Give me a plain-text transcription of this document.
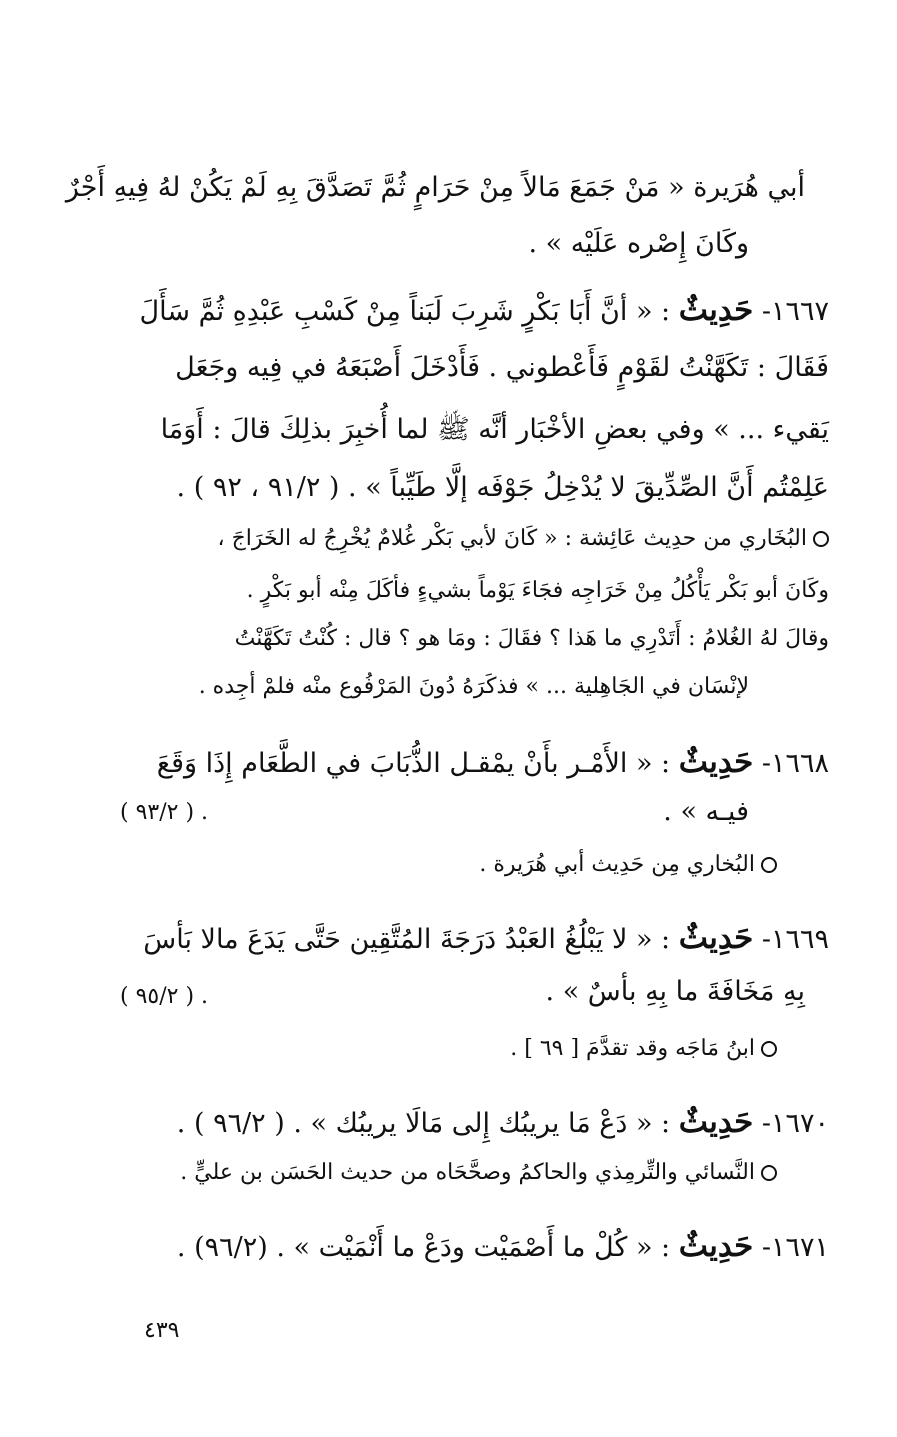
أبي هُرَيرة « مَنْ جَمَعَ مَالاً مِنْ حَرَامٍ ثُمَّ تَصَدَّقَ بِهِ لَمْ يَكُنْ لهُ فِيهِ أَجْرٌ
وكَانَ إِصْره عَلَيْه » .
١٦٦٧- حَدِيثٌ : « أنَّ أَبَا بَكْرٍ شَرِبَ لَبَناً مِنْ كَسْبِ عَبْدِهِ ثُمَّ سَأَلَ
فَقَالَ : تَكَهَّنْتُ لقَوْمٍ فَأَعْطوني . فَأَدْخَلَ أَصْبَعَهُ في فِيه وجَعَل
يَقيء ... » وفي بعضِ الأخْبَار أنَّه ﷺ لما أُخبِرَ بذلِكَ قالَ : أَوَمَا
عَلِمْتُم أَنَّ الصِّدِّيقَ لا يُدْخِلُ جَوْفَه إلَّا طَيِّباً » . ( ٩١/٢ ، ٩٢ ) .
البُخَاري من حدِيث عَائِشة : « كَانَ لأبي بَكْر غُلامٌ يُخْرِجُ له الخَرَاجَ ،
وكَانَ أبو بَكْر يَأْكُلُ مِنْ خَرَاجِه فجَاءَ يَوْماً بشيءٍ فأكَلَ مِنْه أبو بَكْرٍ .
وقالَ لهُ الغُلامُ : أَتَدْرِي ما هَذا ؟ فقَالَ : ومَا هو ؟ قال : كُنْتُ تَكَهَّنْتُ
لإنْسَان في الجَاهِلية ... » فذكَرَهُ دُونَ المَرْفُوع منْه فلمْ أجِده .
١٦٦٨- حَدِيثٌ : « الأَمْـر بأَنْ يمْقـل الذُّبَابَ في الطَّعَام إِذَا وَقَعَ
فيـه » .
. ( ٩٣/٢ )
البُخاري مِن حَدِيث أبي هُرَيرة .
١٦٦٩- حَدِيثٌ : « لا يَبْلُغُ العَبْدُ دَرَجَةَ المُتَّقِين حَتَّى يَدَعَ مالا بَأسَ
بِهِ مَخَافَةَ ما بِهِ بأسٌ » .
. ( ٩٥/٢ )
ابنُ مَاجَه وقد تقدَّمَ [ ٦٩ ] .
١٦٧٠- حَدِيثٌ : « دَعْ مَا يريبُك إِلى مَالَا يريبُك » . ( ٩٦/٢ ) .
النَّسائي والتِّرمِذي والحاكمُ وصحَّحَاه من حديث الحَسَن بن عليٍّ .
١٦٧١- حَدِيثٌ : « كُلْ ما أَصْمَيْت ودَعْ ما أَنْمَيْت » . (٩٦/٢) .
٤٣٩
